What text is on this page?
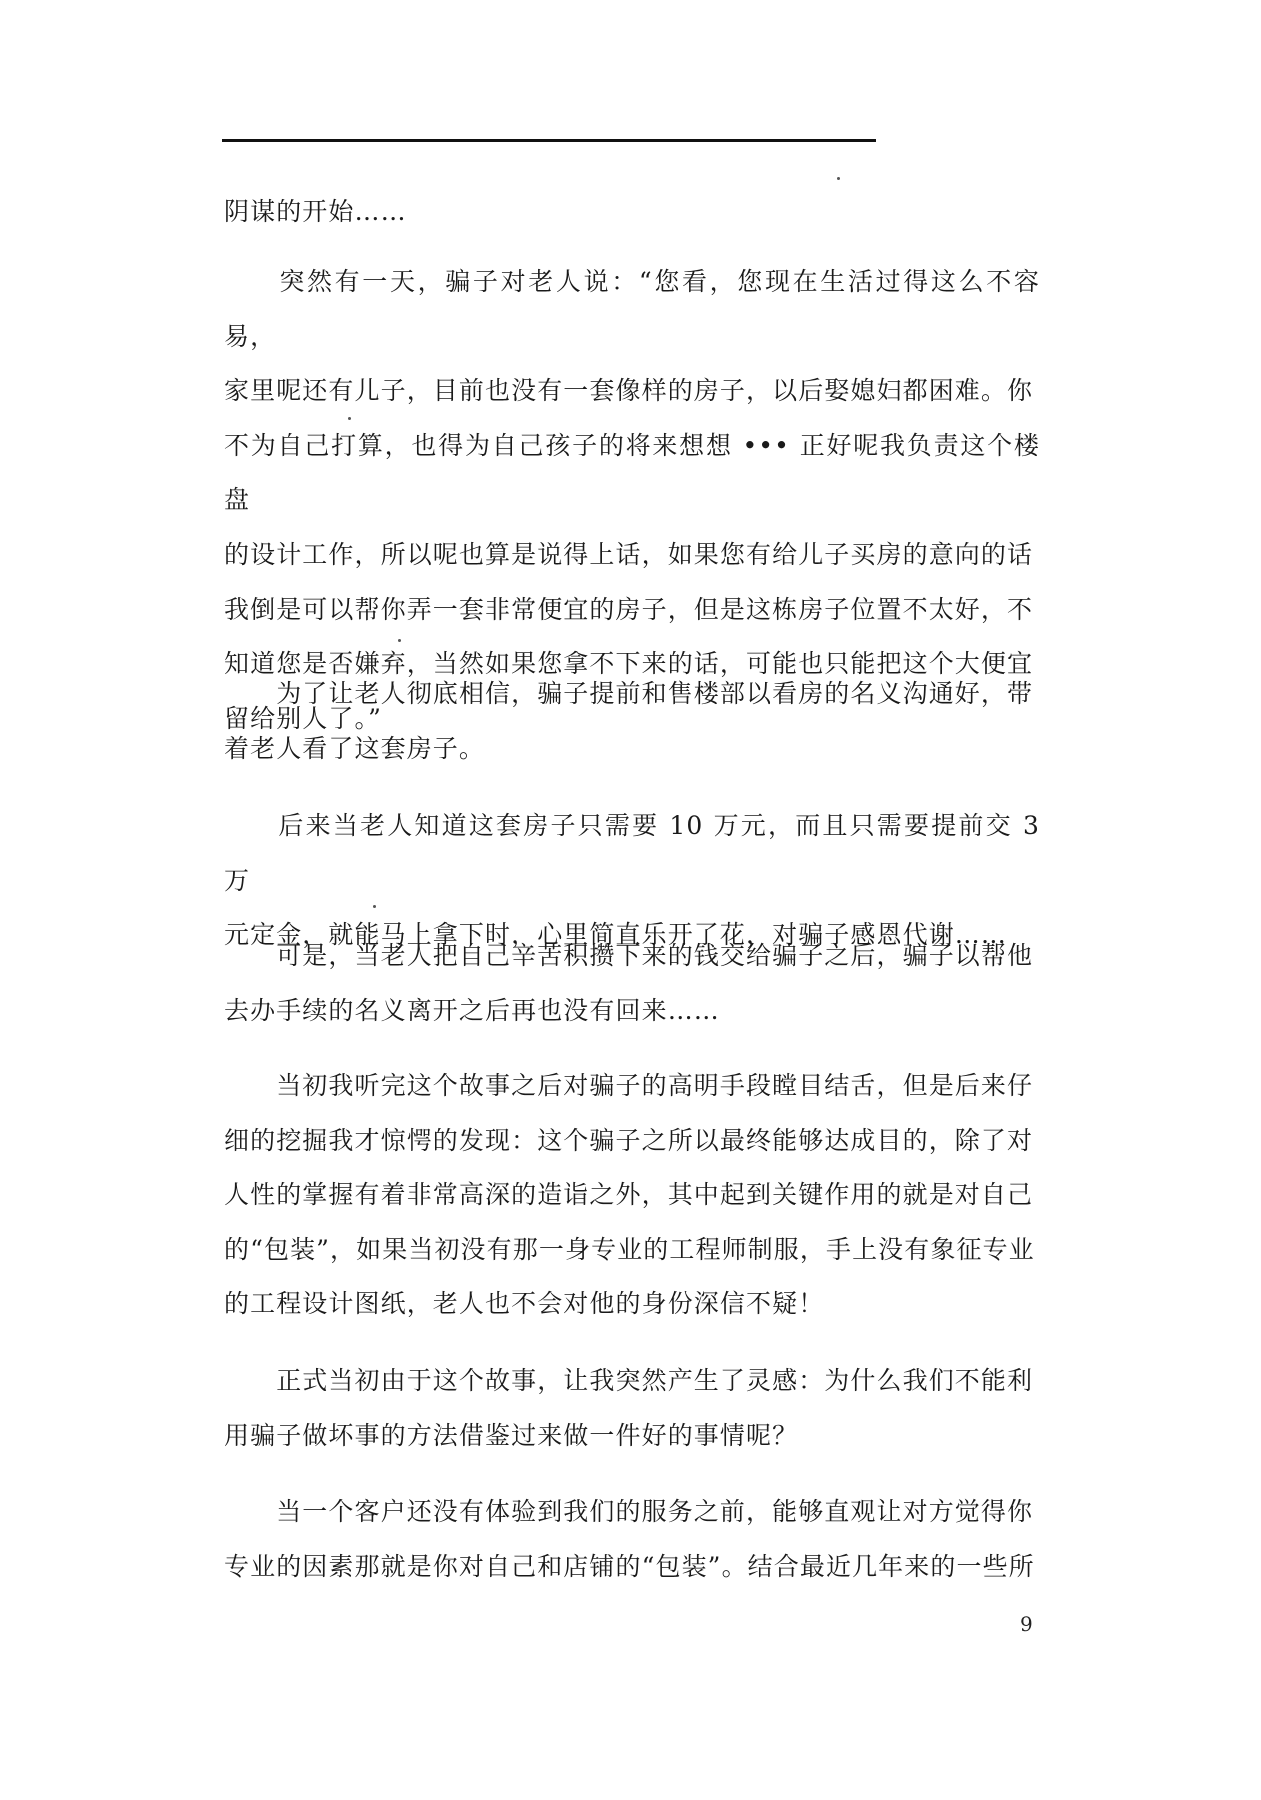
阴谋的开始……
　　突然有一天，骗子对老人说：“您看，您现在生活过得这么不容易，
家里呢还有儿子，目前也没有一套像样的房子，以后娶媳妇都困难。你
不为自己打算，也得为自己孩子的将来想想 ••• 正好呢我负责这个楼盘
的设计工作，所以呢也算是说得上话，如果您有给儿子买房的意向的话
我倒是可以帮你弄一套非常便宜的房子，但是这栋房子位置不太好，不
知道您是否嫌弃，当然如果您拿不下来的话，可能也只能把这个大便宜
留给别人了。”
　　为了让老人彻底相信，骗子提前和售楼部以看房的名义沟通好，带
着老人看了这套房子。
　　后来当老人知道这套房子只需要 10 万元，而且只需要提前交 3 万
元定金，就能马上拿下时，心里简直乐开了花，对骗子感恩代谢……
　　可是，当老人把自己辛苦积攒下来的钱交给骗子之后，骗子以帮他
去办手续的名义离开之后再也没有回来……
　　当初我听完这个故事之后对骗子的高明手段瞠目结舌，但是后来仔
细的挖掘我才惊愕的发现：这个骗子之所以最终能够达成目的，除了对
人性的掌握有着非常高深的造诣之外，其中起到关键作用的就是对自己
的“包装”，如果当初没有那一身专业的工程师制服，手上没有象征专业
的工程设计图纸，老人也不会对他的身份深信不疑！
　　正式当初由于这个故事，让我突然产生了灵感：为什么我们不能利
用骗子做坏事的方法借鉴过来做一件好的事情呢？
　　当一个客户还没有体验到我们的服务之前，能够直观让对方觉得你
专业的因素那就是你对自己和店铺的“包装”。结合最近几年来的一些所
9
